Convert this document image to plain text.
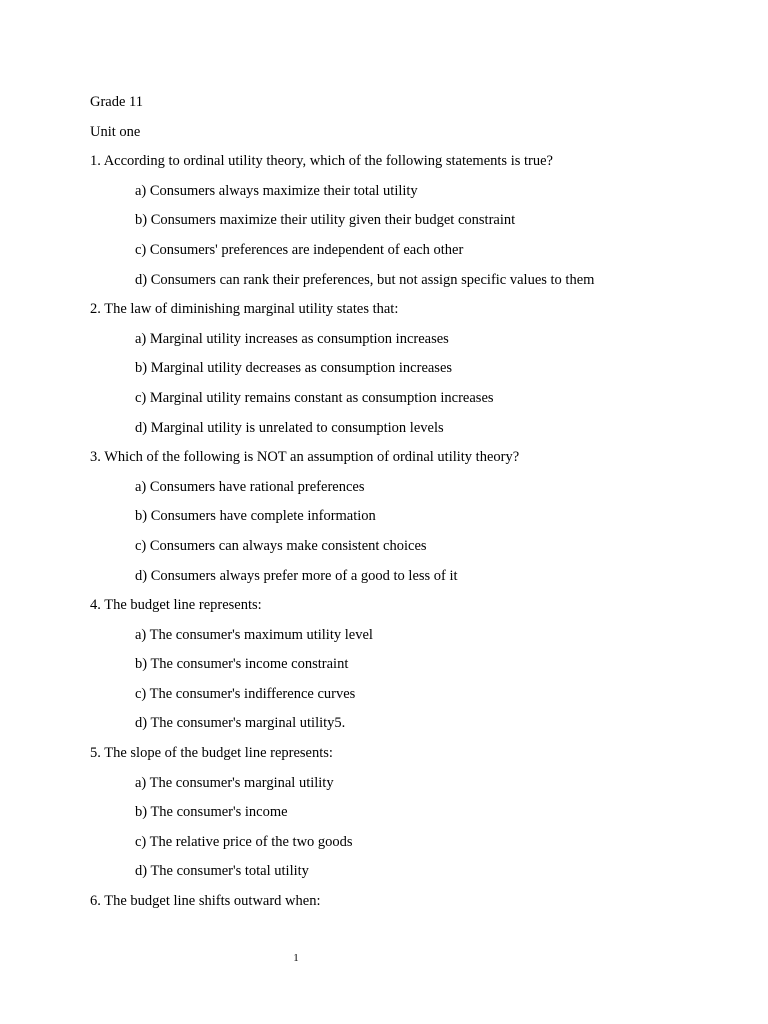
Grade 11
Unit one
1. According to ordinal utility theory, which of the following statements is true?
a) Consumers always maximize their total utility
b) Consumers maximize their utility given their budget constraint
c) Consumers' preferences are independent of each other
d) Consumers can rank their preferences, but not assign specific values to them
2. The law of diminishing marginal utility states that:
a) Marginal utility increases as consumption increases
b) Marginal utility decreases as consumption increases
c) Marginal utility remains constant as consumption increases
d) Marginal utility is unrelated to consumption levels
3. Which of the following is NOT an assumption of ordinal utility theory?
a) Consumers have rational preferences
b) Consumers have complete information
c) Consumers can always make consistent choices
d) Consumers always prefer more of a good to less of it
4. The budget line represents:
a) The consumer's maximum utility level
b) The consumer's income constraint
c) The consumer's indifference curves
d) The consumer's marginal utility5.
5. The slope of the budget line represents:
a) The consumer's marginal utility
b) The consumer's income
c) The relative price of the two goods
d) The consumer's total utility
6. The budget line shifts outward when:
1
